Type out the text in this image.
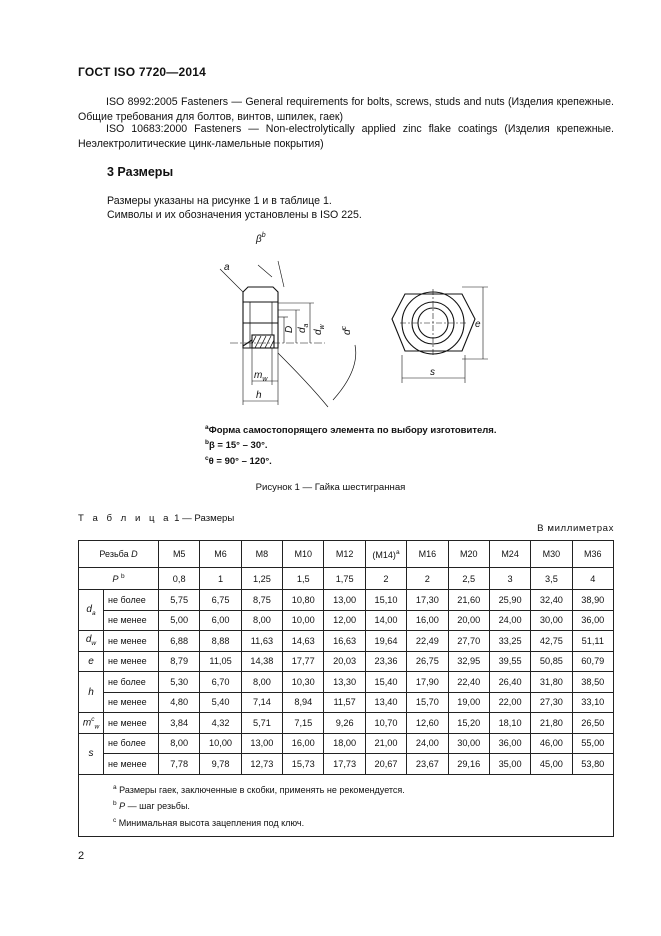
ГОСТ ISO 7720—2014
ISO 8992:2005 Fasteners — General requirements for bolts, screws, studs and nuts (Изделия крепежные. Общие требования для болтов, винтов, шпилек, гаек)
ISO 10683:2000 Fasteners — Non-electrolytically applied zinc flake coatings (Изделия крепежные. Неэлектролитические цинк-ламельные покрытия)
3 Размеры
Размеры указаны на рисунке 1 и в таблице 1.
Символы и их обозначения установлены в ISO 225.
a
$\beta^b$
D $d_a$
$d_w$
$d^c$
$m_w$
h
e
s
$^a$Форма самостопорящего элемента по выбору изготовителя.
$^b$β = 15° – 30°.
$^c$θ = 90° – 120°.
Рисунок 1 — Гайка шестигранная
Т а б л и ц а 1 — Размеры
В миллиметрах
Резьба D		M5	M6	M8	M10	M12	$(M14)^a$	M16	M20	M24	M30	M36
P $^b$		0,8	1	1,25	1,5	1,75	2	2	2,5	3	3,5	4
$d_a$	не более	5,75	6,75	8,75	10,80	13,00	15,10	17,30	21,60	25,90	32,40	38,90
	не менее	5,00	6,00	8,00	10,00	12,00	14,00	16,00	20,00	24,00	30,00	36,00
$d_w$	не менее	6,88	8,88	11,63	14,63	16,63	19,64	22,49	27,70	33,25	42,75	51,11
e	не менее	8,79	11,05	14,38	17,77	20,03	23,36	26,75	32,95	39,55	50,85	60,79
h	не более	5,30	6,70	8,00	10,30	13,30	15,40	17,90	22,40	26,40	31,80	38,50
	не менее	4,80	5,40	7,14	8,94	11,57	13,40	15,70	19,00	22,00	27,30	33,10
$m^c_w$	не менее	3,84	4,32	5,71	7,15	9,26	10,70	12,60	15,20	18,10	21,80	26,50
s	не более	8,00	10,00	13,00	16,00	18,00	21,00	24,00	30,00	36,00	46,00	55,00
	не менее	7,78	9,78	12,73	15,73	17,73	20,67	23,67	29,16	35,00	45,00	53,80

$^a$ Размеры гаек, заключенные в скобки, применять не рекомендуется.
$^b$ P — шаг резьбы.
$^c$ Минимальная высота зацепления под ключ.												
2
